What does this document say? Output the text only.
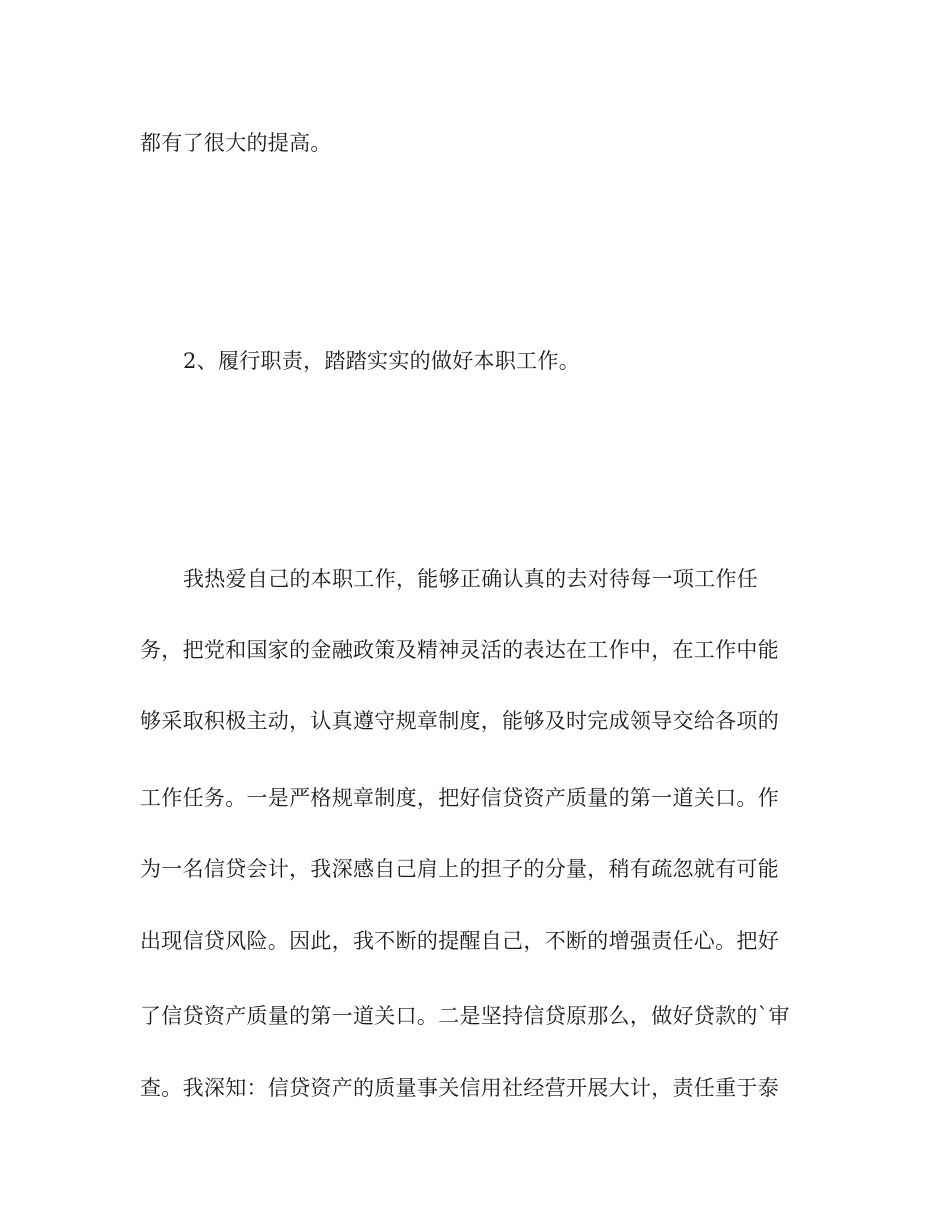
都有了很大的提高。
2、履行职责，踏踏实实的做好本职工作。
我热爱自己的本职工作，能够正确认真的去对待每一项工作任
务，把党和国家的金融政策及精神灵活的表达在工作中，在工作中能
够采取积极主动，认真遵守规章制度，能够及时完成领导交给各项的
工作任务。一是严格规章制度，把好信贷资产质量的第一道关口。作
为一名信贷会计，我深感自己肩上的担子的分量，稍有疏忽就有可能
出现信贷风险。因此，我不断的提醒自己，不断的增强责任心。把好
了信贷资产质量的第一道关口。二是坚持信贷原那么，做好贷款的`审
查。我深知：信贷资产的质量事关信用社经营开展大计，责任重于泰
